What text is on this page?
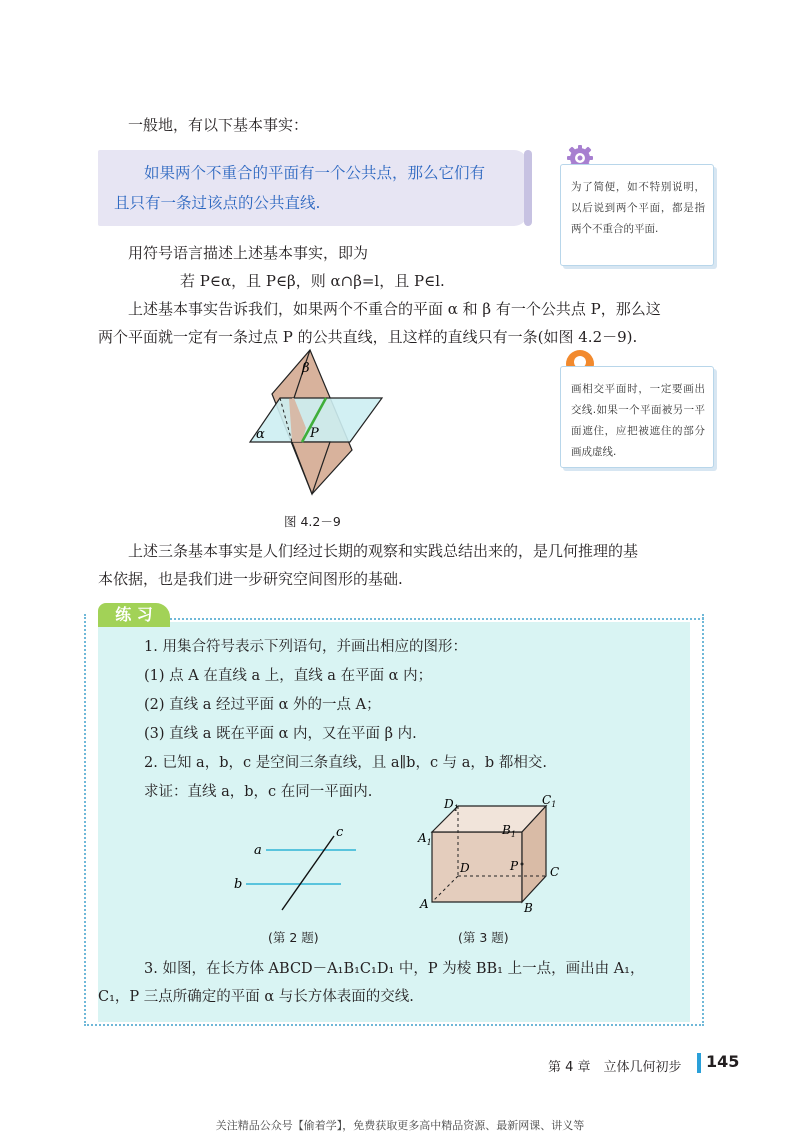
一般地，有以下基本事实：
如果两个不重合的平面有一个公共点，那么它们有
且只有一条过该点的公共直线.
为了简便，如不特别说明，以后说到两个平面，都是指两个不重合的平面.
用符号语言描述上述基本事实，即为
若 P∈α，且 P∈β，则 α∩β=l，且 P∈l.
上述基本事实告诉我们，如果两个不重合的平面 α 和 β 有一个公共点 P，那么这
两个平面就一定有一条过点 P 的公共直线，且这样的直线只有一条(如图 4.2－9).
β
α	P
图 4.2－9
画相交平面时，一定要画出交线.如果一个平面被另一平面遮住，应把被遮住的部分画成虚线.
上述三条基本事实是人们经过长期的观察和实践总结出来的，是几何推理的基
本依据，也是我们进一步研究空间图形的基础.
练 习
1. 用集合符号表示下列语句，并画出相应的图形：
(1) 点 A 在直线 a 上，直线 a 在平面 α 内；
(2) 直线 a 经过平面 α 外的一点 A；
(3) 直线 a 既在平面 α 内，又在平面 β 内.
2. 已知 a，b，c 是空间三条直线，且 a∥b，c 与 a，b 都相交.
求证：直线 a，b，c 在同一平面内.
a
b
c
(第 2 题)
$D_1$
$C_1$
$A_1$
$B_1$
D	P	C
A	B
(第 3 题)
3. 如图，在长方体 ABCD－A₁B₁C₁D₁ 中，P 为棱 BB₁ 上一点，画出由 A₁，
C₁，P 三点所确定的平面 α 与长方体表面的交线.
第 4 章　立体几何初步 145
关注精品公众号【偷着学】，免费获取更多高中精品资源、最新网课、讲义等
